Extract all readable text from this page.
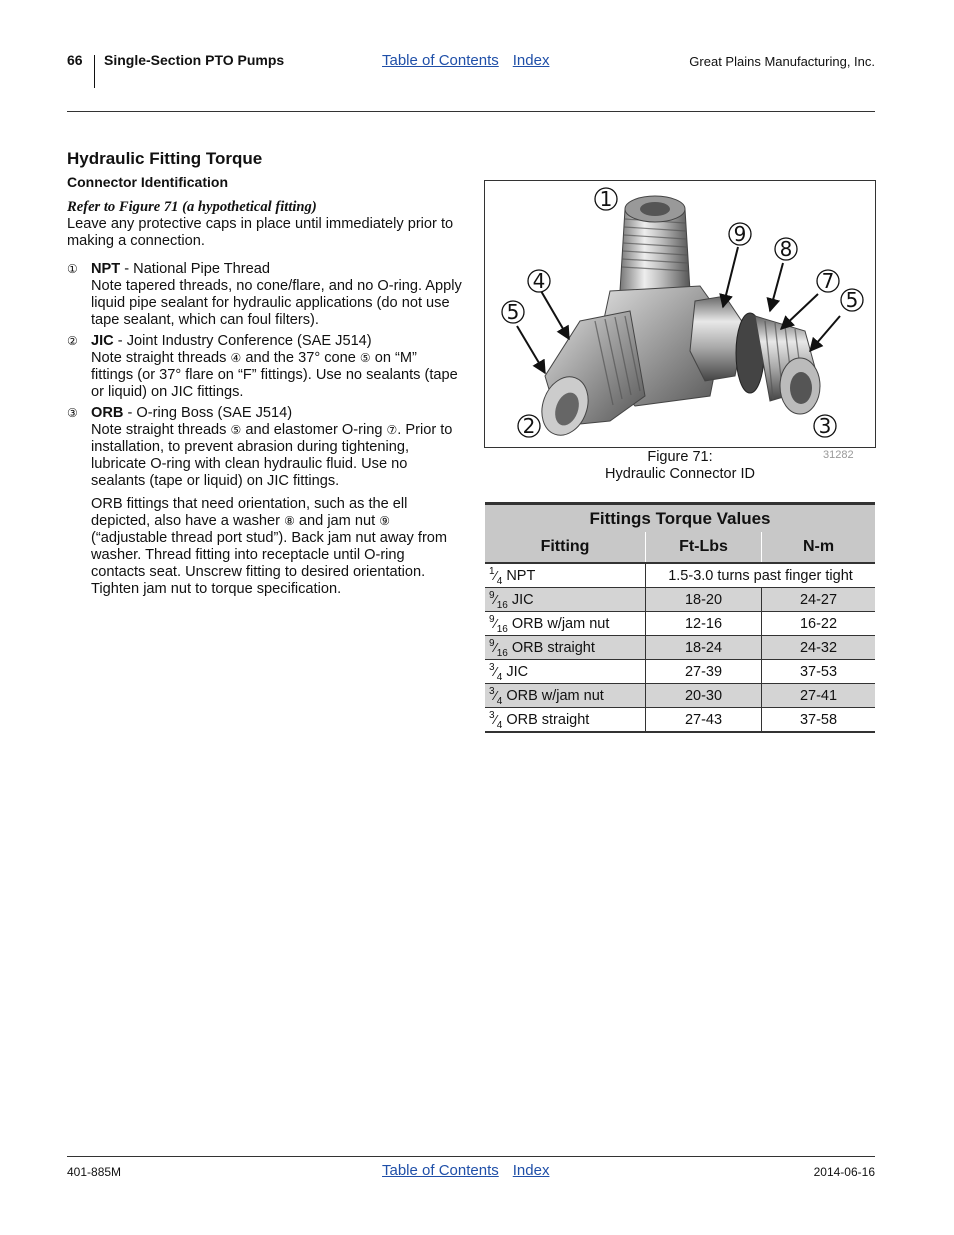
66 Single-Section PTO Pumps	Table of Contents Index	Great Plains Manufacturing, Inc.
Hydraulic Fitting Torque
Connector Identification
Refer to Figure 71 (a hypothetical fitting)
Leave any protective caps in place until immediately prior to making a connection.
① NPT - National Pipe Thread
Note tapered threads, no cone/flare, and no O-ring. Apply liquid pipe sealant for hydraulic applications (do not use tape sealant, which can foul filters).
② JIC - Joint Industry Conference (SAE J514)
Note straight threads ④ and the 37° cone ⑤ on “M” fittings (or 37° flare on “F” fittings). Use no sealants (tape or liquid) on JIC fittings.
③ ORB - O-ring Boss (SAE J514)
Note straight threads ⑤ and elastomer O-ring ⑦. Prior to installation, to prevent abrasion during tightening, lubricate O-ring with clean hydraulic fluid. Use no sealants (tape or liquid) on JIC fittings.
ORB fittings that need orientation, such as the ell depicted, also have a washer ⑧ and jam nut ⑨ (“adjustable thread port stud”). Back jam nut away from washer. Thread fitting into receptacle until O-ring contacts seat. Unscrew fitting to desired orientation. Tighten jam nut to torque specification.
1
9
8
4	7
5
5
2	3
Figure 71:
Hydraulic Connector ID
31282
Fittings Torque Values		
Fitting	Ft-Lbs	N-m
$^1⁄_4$ NPT	1.5-3.0 turns past finger tight	
$^9⁄_{16}$ JIC	18-20	24-27
$^9⁄_{16}$ ORB w/jam nut	12-16	16-22
$^9⁄_{16}$ ORB straight	18-24	24-32
$^3⁄_4$ JIC	27-39	37-53
$^3⁄_4$ ORB w/jam nut	20-30	27-41
$^3⁄_4$ ORB straight	27-43	37-58
401-885M	Table of Contents Index	2014-06-16
